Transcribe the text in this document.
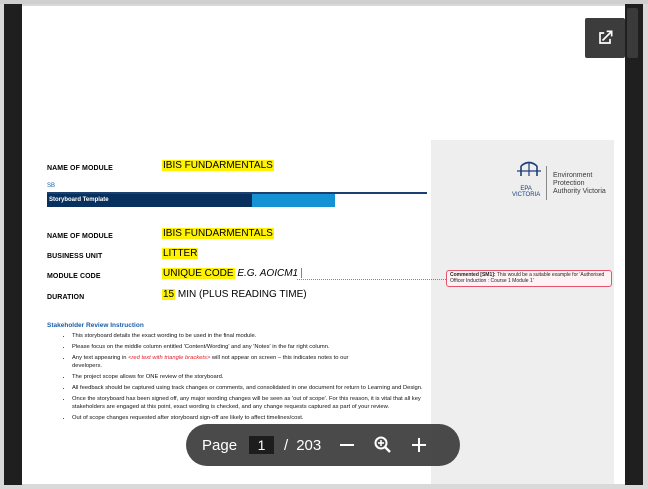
NAME OF MODULE	IBIS FUNDARMENTALS
SB
Storyboard Template
EPA
VICTORIA
Environment
Protection
Authority Victoria
NAME OF MODULE	IBIS FUNDARMENTALS
BUSINESS UNIT	LITTER
MODULE CODE	UNIQUE CODE E.G. AOICM1
DURATION	15 MIN (PLUS READING TIME)
Commented [SM1]: This would be a suitable example for 'Authorised Officer Induction : Course 1 Module 1'
Stakeholder Review Instruction
• This storyboard details the exact wording to be used in the final module.
• Please focus on the middle column entitled 'Content/Wording' and any 'Notes' in the far right column.
• Any text appearing in <red text with triangle brackets> will not appear on screen – this indicates notes to our
developers.
• The project scope allows for ONE review of the storyboard.
• All feedback should be captured using track changes or comments, and consolidated in one document for return to Learning and Design.
• Once the storyboard has been signed off, any major wording changes will be seen as 'out of scope'. For this reason, it is vital that all key stakeholders are engaged at this point, exact wording is checked, and any change requests captured as part of your review.
• Out of scope changes requested after storyboard sign-off are likely to affect timelines/cost.
Page	1	/ 203
